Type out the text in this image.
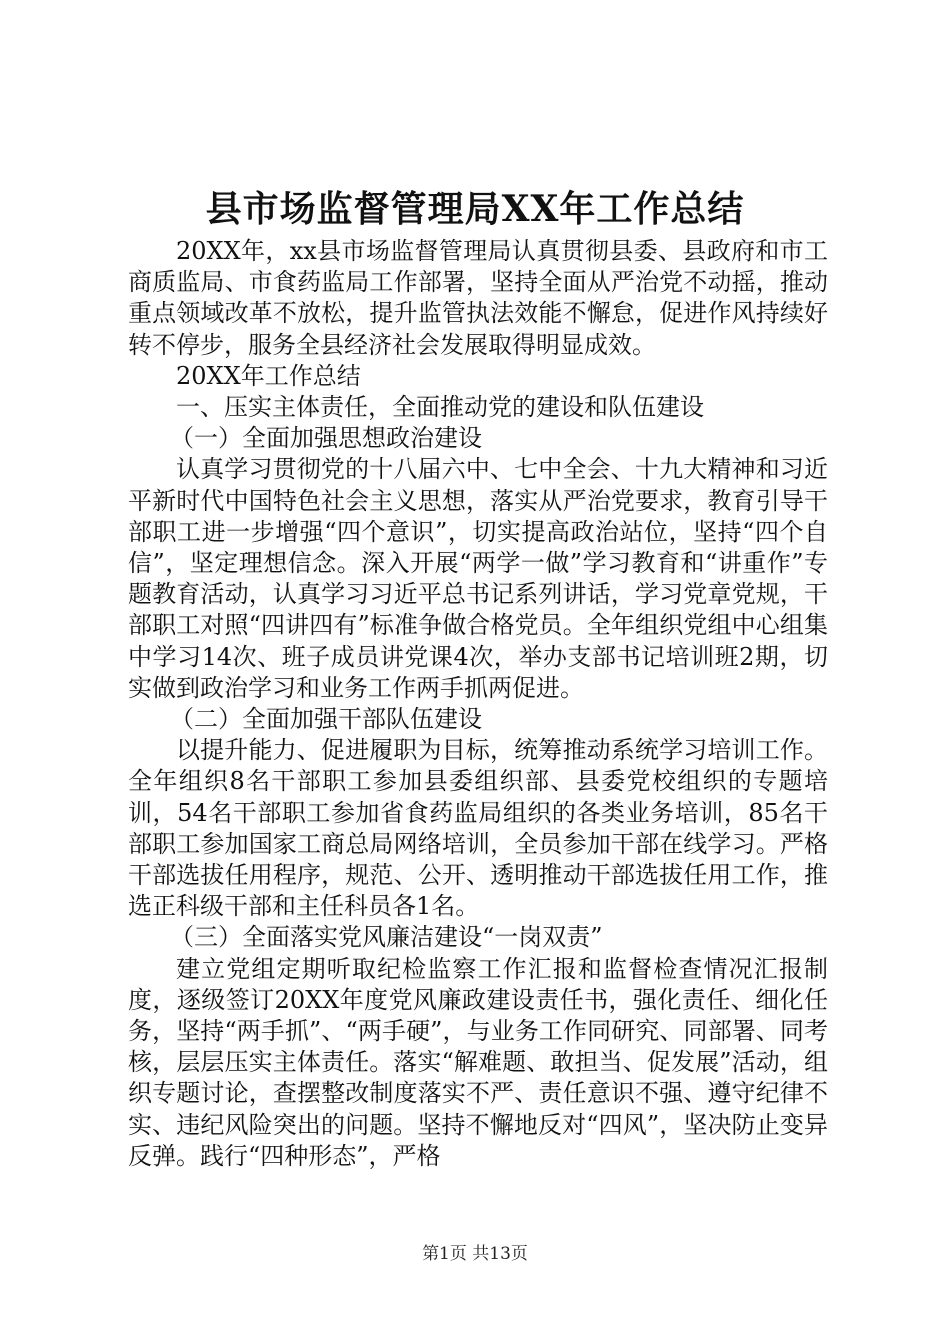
县市场监督管理局XX年工作总结

20XX年，xx县市场监督管理局认真贯彻县委、县政府和市工商质监局、市食药监局工作部署，坚持全面从严治党不动摇，推动重点领域改革不放松，提升监管执法效能不懈怠，促进作风持续好转不停步，服务全县经济社会发展取得明显成效。

20XX年工作总结

一、压实主体责任，全面推动党的建设和队伍建设

（一）全面加强思想政治建设

认真学习贯彻党的十八届六中、七中全会、十九大精神和习近平新时代中国特色社会主义思想，落实从严治党要求，教育引导干部职工进一步增强“四个意识”，切实提高政治站位，坚持“四个自信”，坚定理想信念。深入开展“两学一做”学习教育和“讲重作”专题教育活动，认真学习习近平总书记系列讲话，学习党章党规，干部职工对照“四讲四有”标准争做合格党员。全年组织党组中心组集中学习14次、班子成员讲党课4次，举办支部书记培训班2期，切实做到政治学习和业务工作两手抓两促进。

（二）全面加强干部队伍建设

以提升能力、促进履职为目标，统筹推动系统学习培训工作。全年组织8名干部职工参加县委组织部、县委党校组织的专题培训，54名干部职工参加省食药监局组织的各类业务培训，85名干部职工参加国家工商总局网络培训，全员参加干部在线学习。严格干部选拔任用程序，规范、公开、透明推动干部选拔任用工作，推选正科级干部和主任科员各1名。

（三）全面落实党风廉洁建设“一岗双责”

建立党组定期听取纪检监察工作汇报和监督检查情况汇报制度，逐级签订20XX年度党风廉政建设责任书，强化责任、细化任务，坚持“两手抓”、“两手硬”，与业务工作同研究、同部署、同考核，层层压实主体责任。落实“解难题、敢担当、促发展”活动，组织专题讨论，查摆整改制度落实不严、责任意识不强、遵守纪律不实、违纪风险突出的问题。坚持不懈地反对“四风”，坚决防止变异反弹。践行“四种形态”，严格

第1页 共13页
